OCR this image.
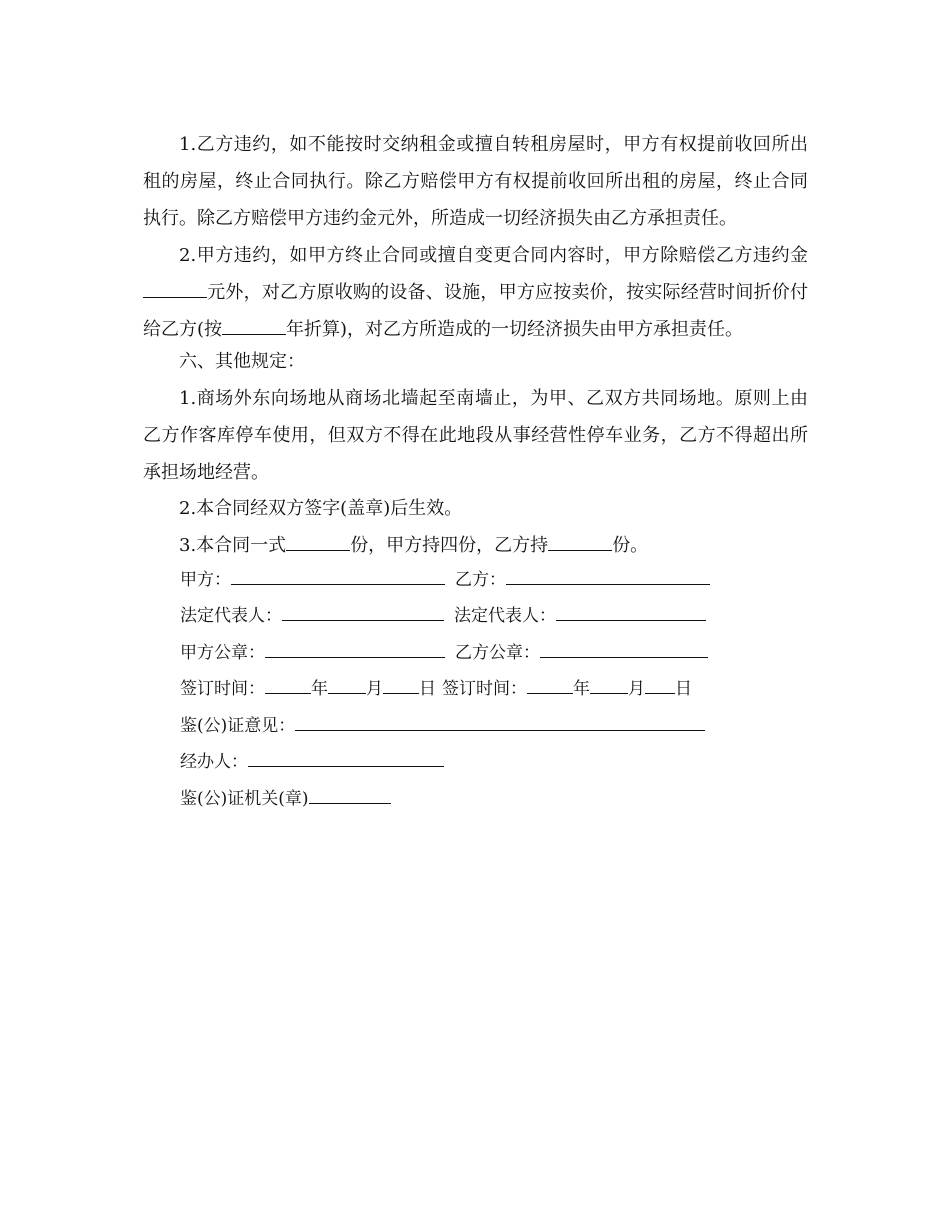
1.乙方违约，如不能按时交纳租金或擅自转租房屋时，甲方有权提前收回所出租的房屋，终止合同执行。除乙方赔偿甲方有权提前收回所出租的房屋，终止合同执行。除乙方赔偿甲方违约金元外，所造成一切经济损失由乙方承担责任。

2.甲方违约，如甲方终止合同或擅自变更合同内容时，甲方除赔偿乙方违约金元外，对乙方原收购的设备、设施，甲方应按卖价，按实际经营时间折价付给乙方(按	年折算)，对乙方所造成的一切经济损失由甲方承担责任。

六、其他规定：

1.商场外东向场地从商场北墙起至南墙止，为甲、乙双方共同场地。原则上由乙方作客库停车使用，但双方不得在此地段从事经营性停车业务，乙方不得超出所承担场地经营。

2.本合同经双方签字(盖章)后生效。

3.本合同一式	份，甲方持四份，乙方持	份。

甲方：	乙方：
法定代表人：	法定代表人：
甲方公章：	乙方公章：
签订时间：	年 月 日 签订时间：	年 月 日
鉴(公)证意见：
经办人：
鉴(公)证机关(章)
